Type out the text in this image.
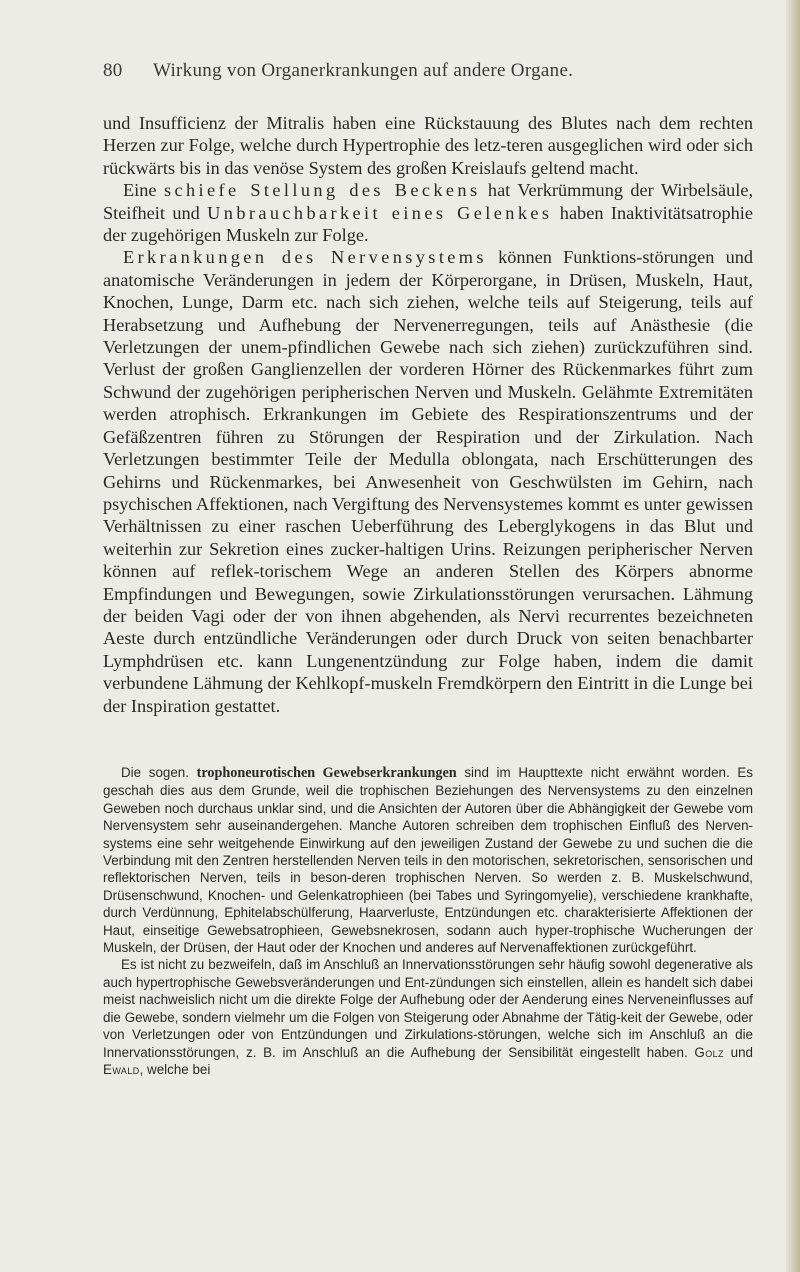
80 Wirkung von Organerkrankungen auf andere Organe.

und Insufficienz der Mitralis haben eine Rückstauung des Blutes nach dem rechten Herzen zur Folge, welche durch Hypertrophie des letz-teren ausgeglichen wird oder sich rückwärts bis in das venöse System des großen Kreislaufs geltend macht.

Eine schiefe Stellung des Beckens hat Verkrümmung der Wirbelsäule, Steifheit und Unbrauchbarkeit eines Gelenkes haben Inaktivitätsatrophie der zugehörigen Muskeln zur Folge.

Erkrankungen des Nervensystems können Funktions-störungen und anatomische Veränderungen in jedem der Körperorgane, in Drüsen, Muskeln, Haut, Knochen, Lunge, Darm etc. nach sich ziehen, welche teils auf Steigerung, teils auf Herabsetzung und Aufhebung der Nervenerregungen, teils auf Anästhesie (die Verletzungen der unem-pfindlichen Gewebe nach sich ziehen) zurückzuführen sind. Verlust der großen Ganglienzellen der vorderen Hörner des Rückenmarkes führt zum Schwund der zugehörigen peripherischen Nerven und Muskeln. Gelähmte Extremitäten werden atrophisch. Erkrankungen im Gebiete des Respirationszentrums und der Gefäßzentren führen zu Störungen der Respiration und der Zirkulation. Nach Verletzungen bestimmter Teile der Medulla oblongata, nach Erschütterungen des Gehirns und Rückenmarkes, bei Anwesenheit von Geschwülsten im Gehirn, nach psychischen Affektionen, nach Vergiftung des Nervensystemes kommt es unter gewissen Verhältnissen zu einer raschen Ueberführung des Leberglykogens in das Blut und weiterhin zur Sekretion eines zucker-haltigen Urins. Reizungen peripherischer Nerven können auf reflek-torischem Wege an anderen Stellen des Körpers abnorme Empfindungen und Bewegungen, sowie Zirkulationsstörungen verursachen. Lähmung der beiden Vagi oder der von ihnen abgehenden, als Nervi recurrentes bezeichneten Aeste durch entzündliche Veränderungen oder durch Druck von seiten benachbarter Lymphdrüsen etc. kann Lungenentzündung zur Folge haben, indem die damit verbundene Lähmung der Kehlkopf-muskeln Fremdkörpern den Eintritt in die Lunge bei der Inspiration gestattet.

Die sogen. trophoneurotischen Gewebserkrankungen sind im Haupttexte nicht erwähnt worden. Es geschah dies aus dem Grunde, weil die trophischen Beziehungen des Nervensystems zu den einzelnen Geweben noch durchaus unklar sind, und die Ansichten der Autoren über die Abhängigkeit der Gewebe vom Nervensystem sehr auseinandergehen. Manche Autoren schreiben dem trophischen Einfluß des Nerven-systems eine sehr weitgehende Einwirkung auf den jeweiligen Zustand der Gewebe zu und suchen die die Verbindung mit den Zentren herstellenden Nerven teils in den motorischen, sekretorischen, sensorischen und reflektorischen Nerven, teils in beson-deren trophischen Nerven. So werden z. B. Muskelschwund, Drüsenschwund, Knochen- und Gelenkatrophieen (bei Tabes und Syringomyelie), verschiedene krankhafte, durch Verdünnung, Ephitelabschülferung, Haarverluste, Entzündungen etc. charakterisierte Affektionen der Haut, einseitige Gewebsatrophieen, Gewebsnekrosen, sodann auch hyper-trophische Wucherungen der Muskeln, der Drüsen, der Haut oder der Knochen und anderes auf Nervenaffektionen zurückgeführt.

Es ist nicht zu bezweifeln, daß im Anschluß an Innervationsstörungen sehr häufig sowohl degenerative als auch hypertrophische Gewebsveränderungen und Ent-zündungen sich einstellen, allein es handelt sich dabei meist nachweislich nicht um die direkte Folge der Aufhebung oder der Aenderung eines Nerveneinflusses auf die Gewebe, sondern vielmehr um die Folgen von Steigerung oder Abnahme der Tätig-keit der Gewebe, oder von Verletzungen oder von Entzündungen und Zirkulations-störungen, welche sich im Anschluß an die Innervationsstörungen, z. B. im Anschluß an die Aufhebung der Sensibilität eingestellt haben. Golz und Ewald, welche bei
